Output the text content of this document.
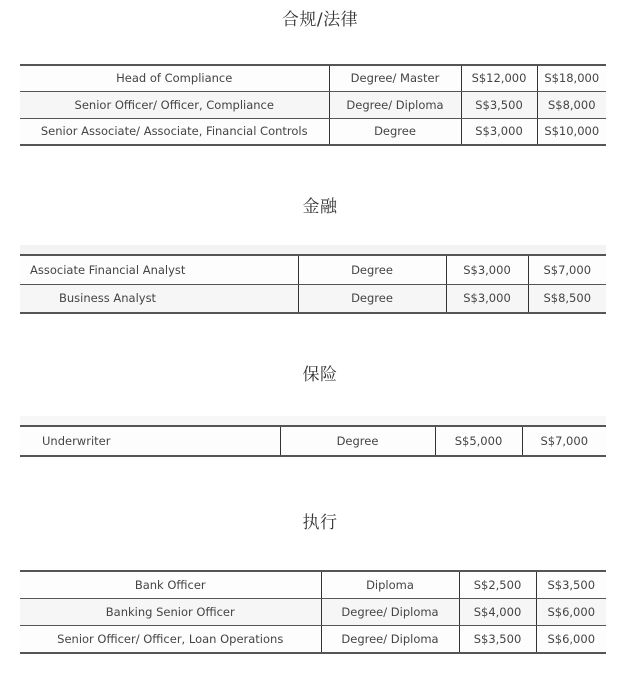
合规/法律
Head of Compliance	Degree/ Master	S$12,000	S$18,000
Senior Officer/ Officer, Compliance	Degree/ Diploma	S$3,500	S$8,000
Senior Associate/ Associate, Financial Controls	Degree	S$3,000	S$10,000
金融
Associate Financial Analyst	Degree	S$3,000	S$7,000
Business Analyst	Degree	S$3,000	S$8,500
保险
Underwriter	Degree	S$5,000	S$7,000
执行
Bank Officer	Diploma	S$2,500	S$3,500
Banking Senior Officer	Degree/ Diploma	S$4,000	S$6,000
Senior Officer/ Officer, Loan Operations	Degree/ Diploma	S$3,500	S$6,000
